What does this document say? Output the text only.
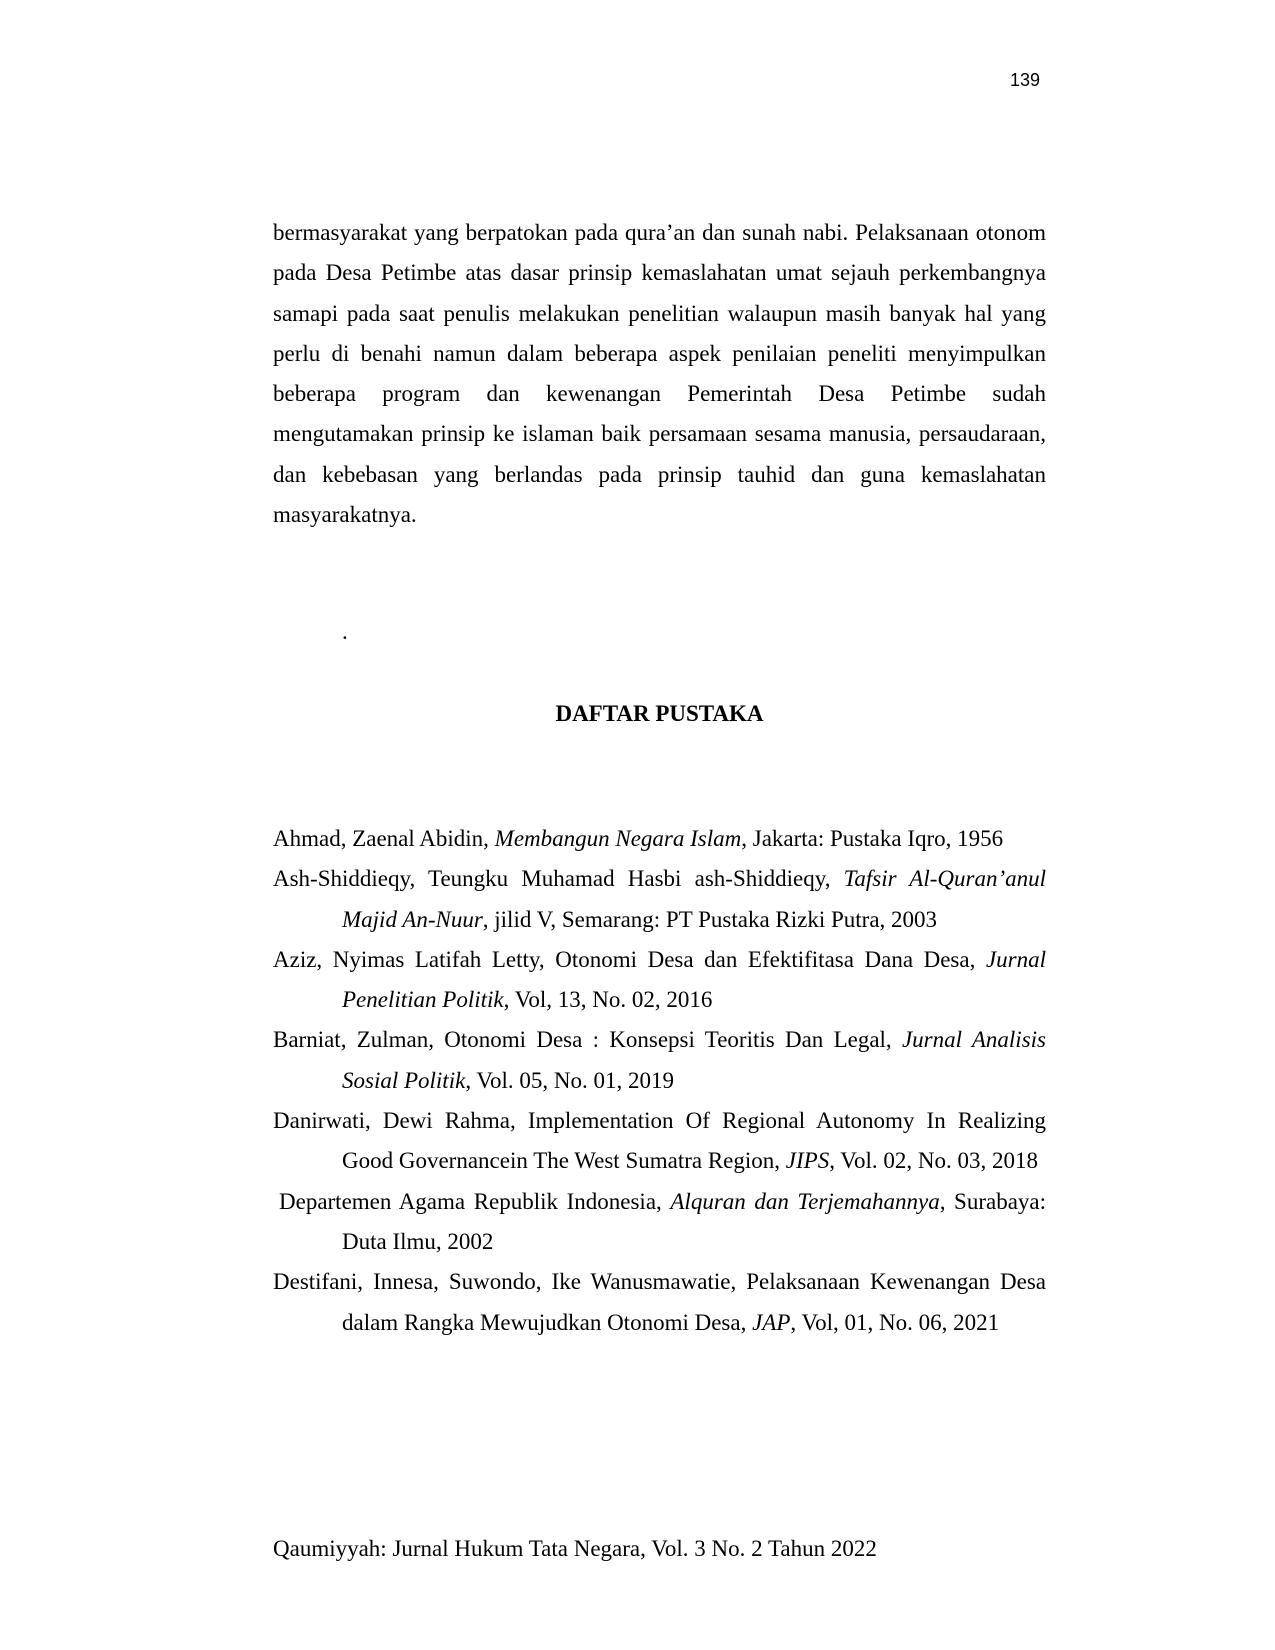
139

bermasyarakat yang berpatokan pada qura’an dan sunah nabi. Pelaksanaan otonom pada Desa Petimbe atas dasar prinsip kemaslahatan umat sejauh perkembangnya samapi pada saat penulis melakukan penelitian walaupun masih banyak hal yang perlu di benahi namun dalam beberapa aspek penilaian peneliti menyimpulkan beberapa program dan kewenangan Pemerintah Desa Petimbe sudah mengutamakan prinsip ke islaman baik persamaan sesama manusia, persaudaraan, dan kebebasan yang berlandas pada prinsip tauhid dan guna kemaslahatan masyarakatnya.

.
DAFTAR PUSTAKA
Ahmad, Zaenal Abidin, Membangun Negara Islam, Jakarta: Pustaka Iqro, 1956
Ash-Shiddieqy, Teungku Muhamad Hasbi ash-Shiddieqy, Tafsir Al-Quran’anul Majid An-Nuur, jilid V, Semarang: PT Pustaka Rizki Putra, 2003
Aziz, Nyimas Latifah Letty, Otonomi Desa dan Efektifitasa Dana Desa, Jurnal Penelitian Politik, Vol, 13, No. 02, 2016
Barniat, Zulman, Otonomi Desa : Konsepsi Teoritis Dan Legal, Jurnal Analisis Sosial Politik, Vol. 05, No. 01, 2019
Danirwati, Dewi Rahma, Implementation Of Regional Autonomy In Realizing Good Governancein The West Sumatra Region, JIPS, Vol. 02, No. 03, 2018
Departemen Agama Republik Indonesia, Alquran dan Terjemahannya, Surabaya: Duta Ilmu, 2002
Destifani, Innesa, Suwondo, Ike Wanusmawatie, Pelaksanaan Kewenangan Desa dalam Rangka Mewujudkan Otonomi Desa, JAP, Vol, 01, No. 06, 2021
Qaumiyyah: Jurnal Hukum Tata Negara, Vol. 3 No. 2 Tahun 2022
